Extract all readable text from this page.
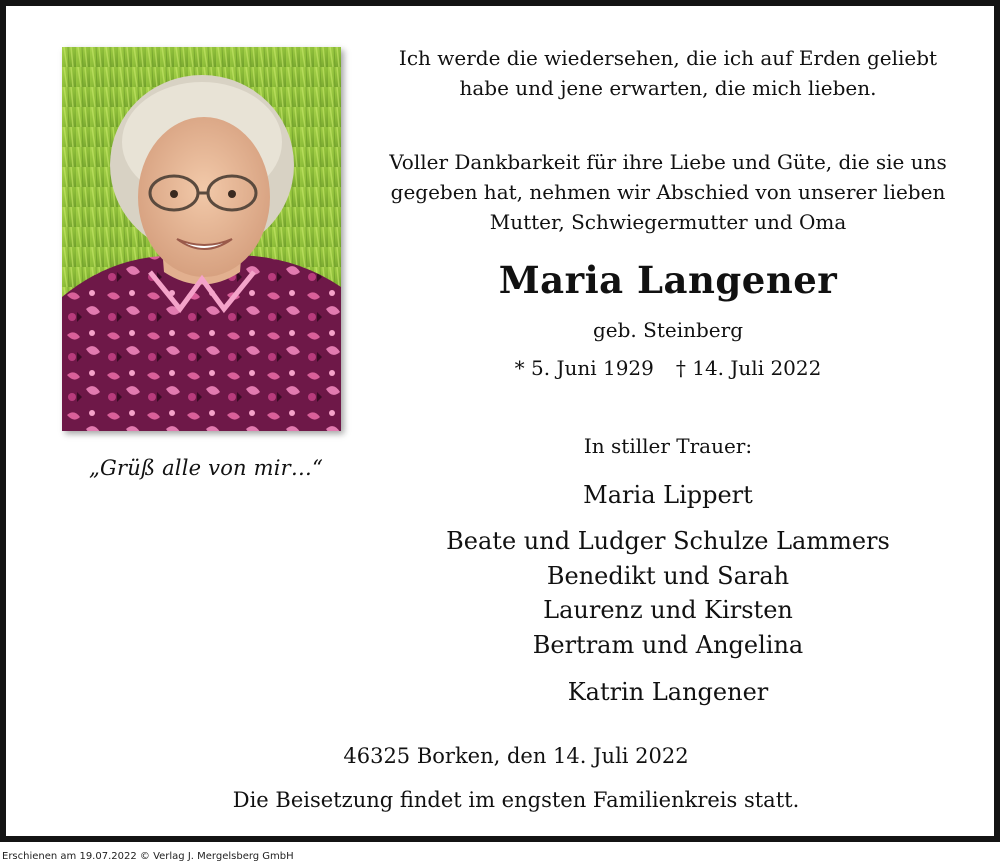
„Grüß alle von mir…“
Ich werde die wiedersehen, die ich auf Erden geliebt
habe und jene erwarten, die mich lieben.
Voller Dankbarkeit für ihre Liebe und Güte, die sie uns
gegeben hat, nehmen wir Abschied von unserer lieben
Mutter, Schwiegermutter und Oma
Maria Langener
geb. Steinberg
* 5. Juni 1929 † 14. Juli 2022
In stiller Trauer:
Maria Lippert
Beate und Ludger Schulze Lammers
Benedikt und Sarah
Laurenz und Kirsten
Bertram und Angelina
Katrin Langener
46325 Borken, den 14. Juli 2022
Die Beisetzung findet im engsten Familienkreis statt.
Erschienen am 19.07.2022 © Verlag J. Mergelsberg GmbH
